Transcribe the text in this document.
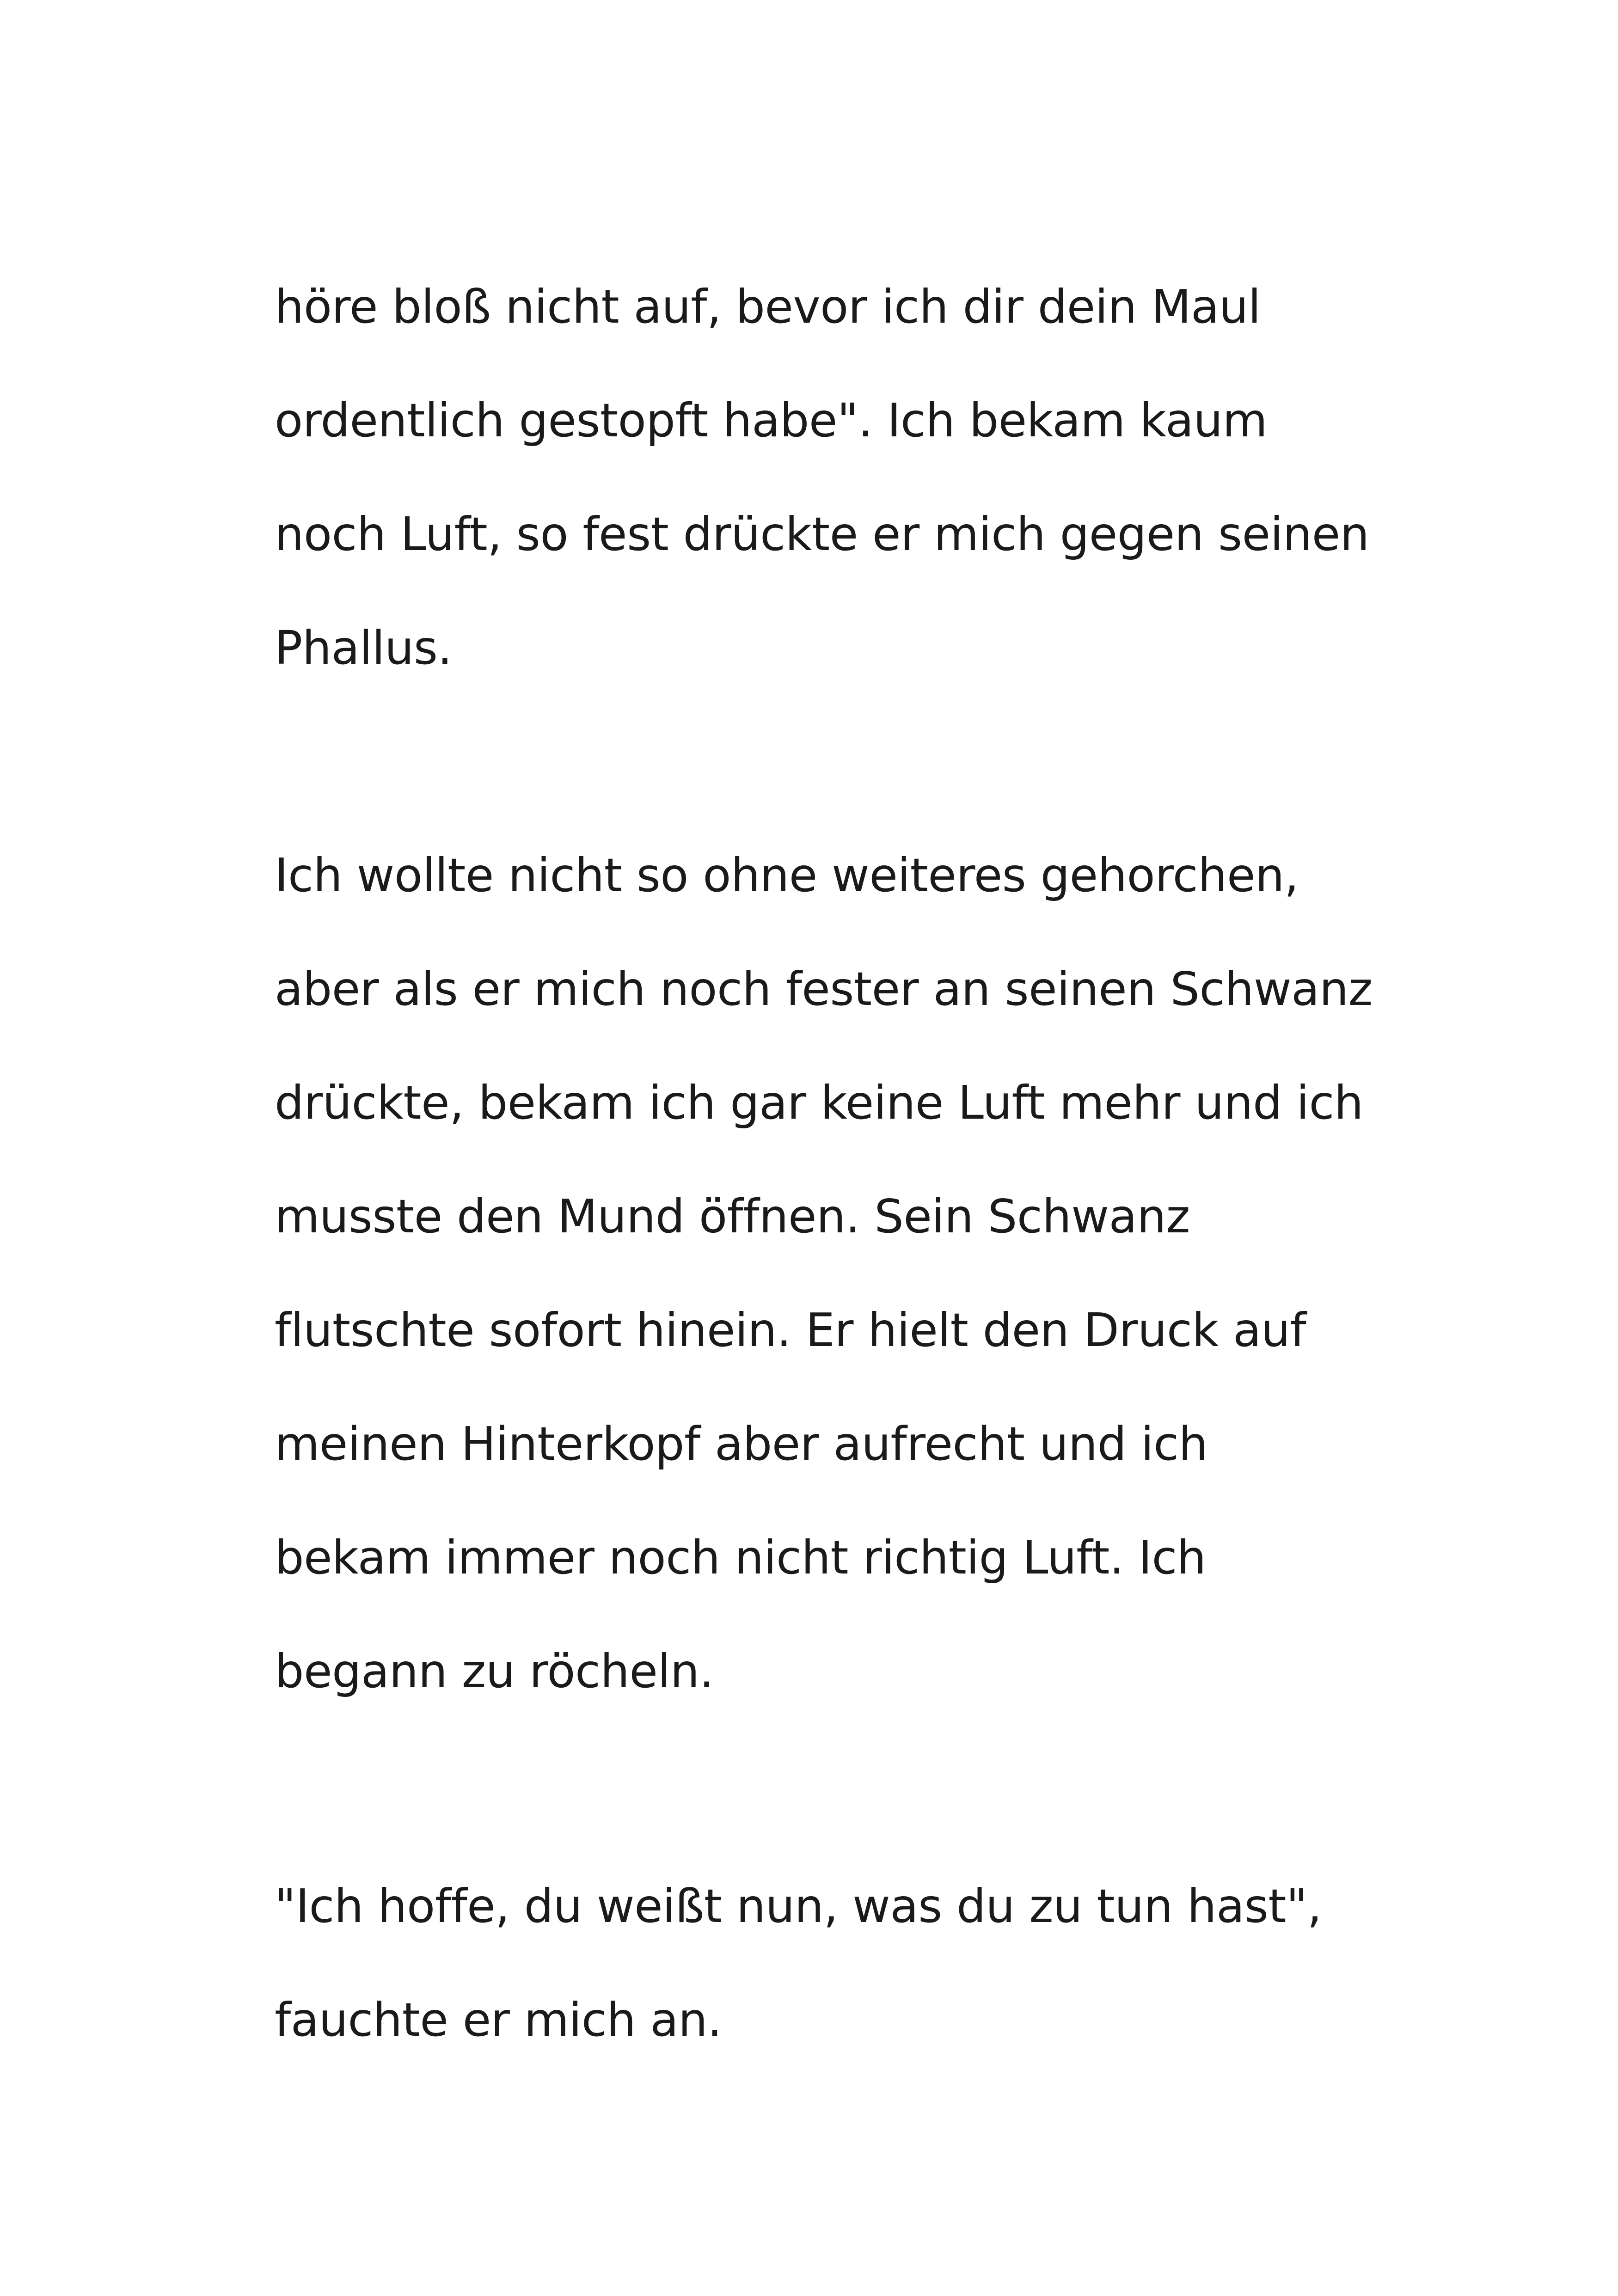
höre bloß nicht auf, bevor ich dir dein Maul
ordentlich gestopft habe". Ich bekam kaum
noch Luft, so fest drückte er mich gegen seinen
Phallus.
Ich wollte nicht so ohne weiteres gehorchen,
aber als er mich noch fester an seinen Schwanz
drückte, bekam ich gar keine Luft mehr und ich
musste den Mund öffnen. Sein Schwanz
flutschte sofort hinein. Er hielt den Druck auf
meinen Hinterkopf aber aufrecht und ich
bekam immer noch nicht richtig Luft. Ich
begann zu röcheln.
"Ich hoffe, du weißt nun, was du zu tun hast",
fauchte er mich an.
